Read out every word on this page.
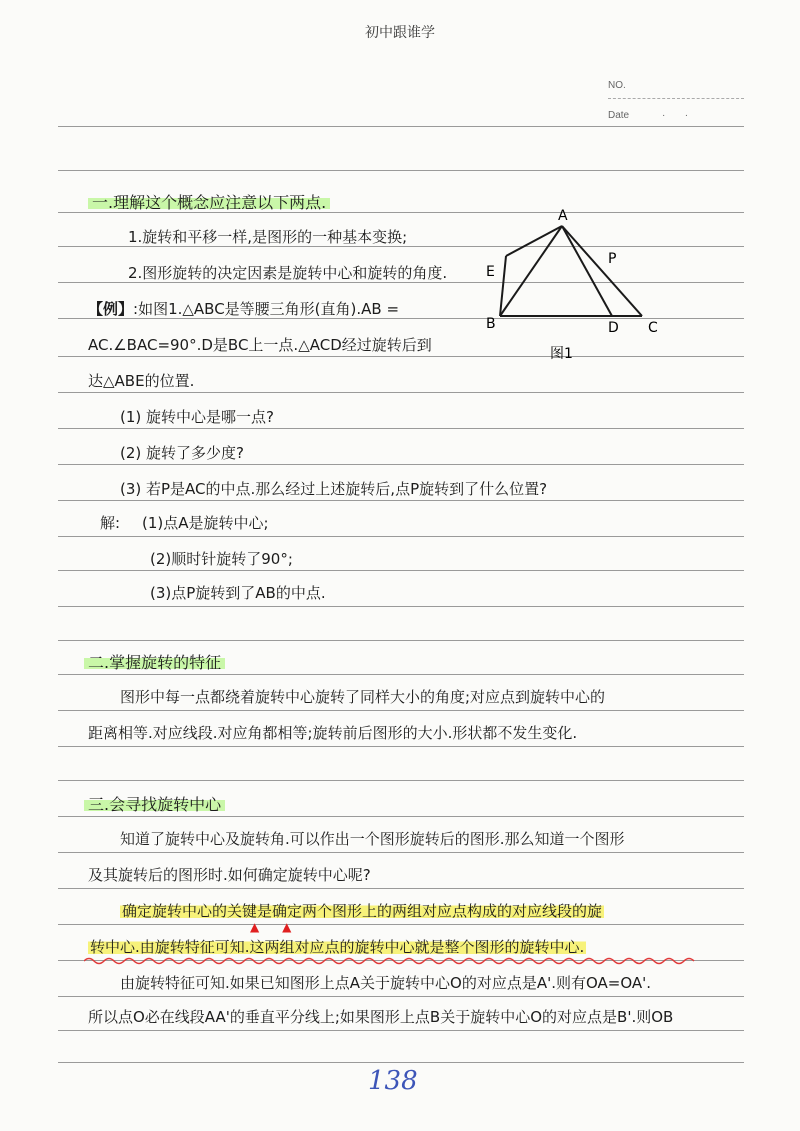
初中跟谁学
NO.
Date	·       ·
一.理解这个概念应注意以下两点.
1.旋转和平移一样,是图形的一种基本变换;
2.图形旋转的决定因素是旋转中心和旋转的角度.
【例】:如图1.△ABC是等腰三角形(直角).AB =
AC.∠BAC=90°.D是BC上一点.△ACD经过旋转后到
达△ABE的位置.
(1) 旋转中心是哪一点?
(2) 旋转了多少度?
(3) 若P是AC的中点.那么经过上述旋转后,点P旋转到了什么位置?
解: (1)点A是旋转中心;
(2)顺时针旋转了90°;
(3)点P旋转到了AB的中点.
A
E
P
B	D C
图1
二.掌握旋转的特征
图形中每一点都绕着旋转中心旋转了同样大小的角度;对应点到旋转中心的
距离相等.对应线段.对应角都相等;旋转前后图形的大小.形状都不发生变化.
三.会寻找旋转中心
知道了旋转中心及旋转角.可以作出一个图形旋转后的图形.那么知道一个图形
及其旋转后的图形时.如何确定旋转中心呢?
确定旋转中心的关键是确定两个图形上的两组对应点构成的对应线段的旋
▲      ▲
转中心.由旋转特征可知.这两组对应点的旋转中心就是整个图形的旋转中心.
由旋转特征可知.如果已知图形上点A关于旋转中心O的对应点是A'.则有OA=OA'.
所以点O必在线段AA'的垂直平分线上;如果图形上点B关于旋转中心O的对应点是B'.则OB
138
